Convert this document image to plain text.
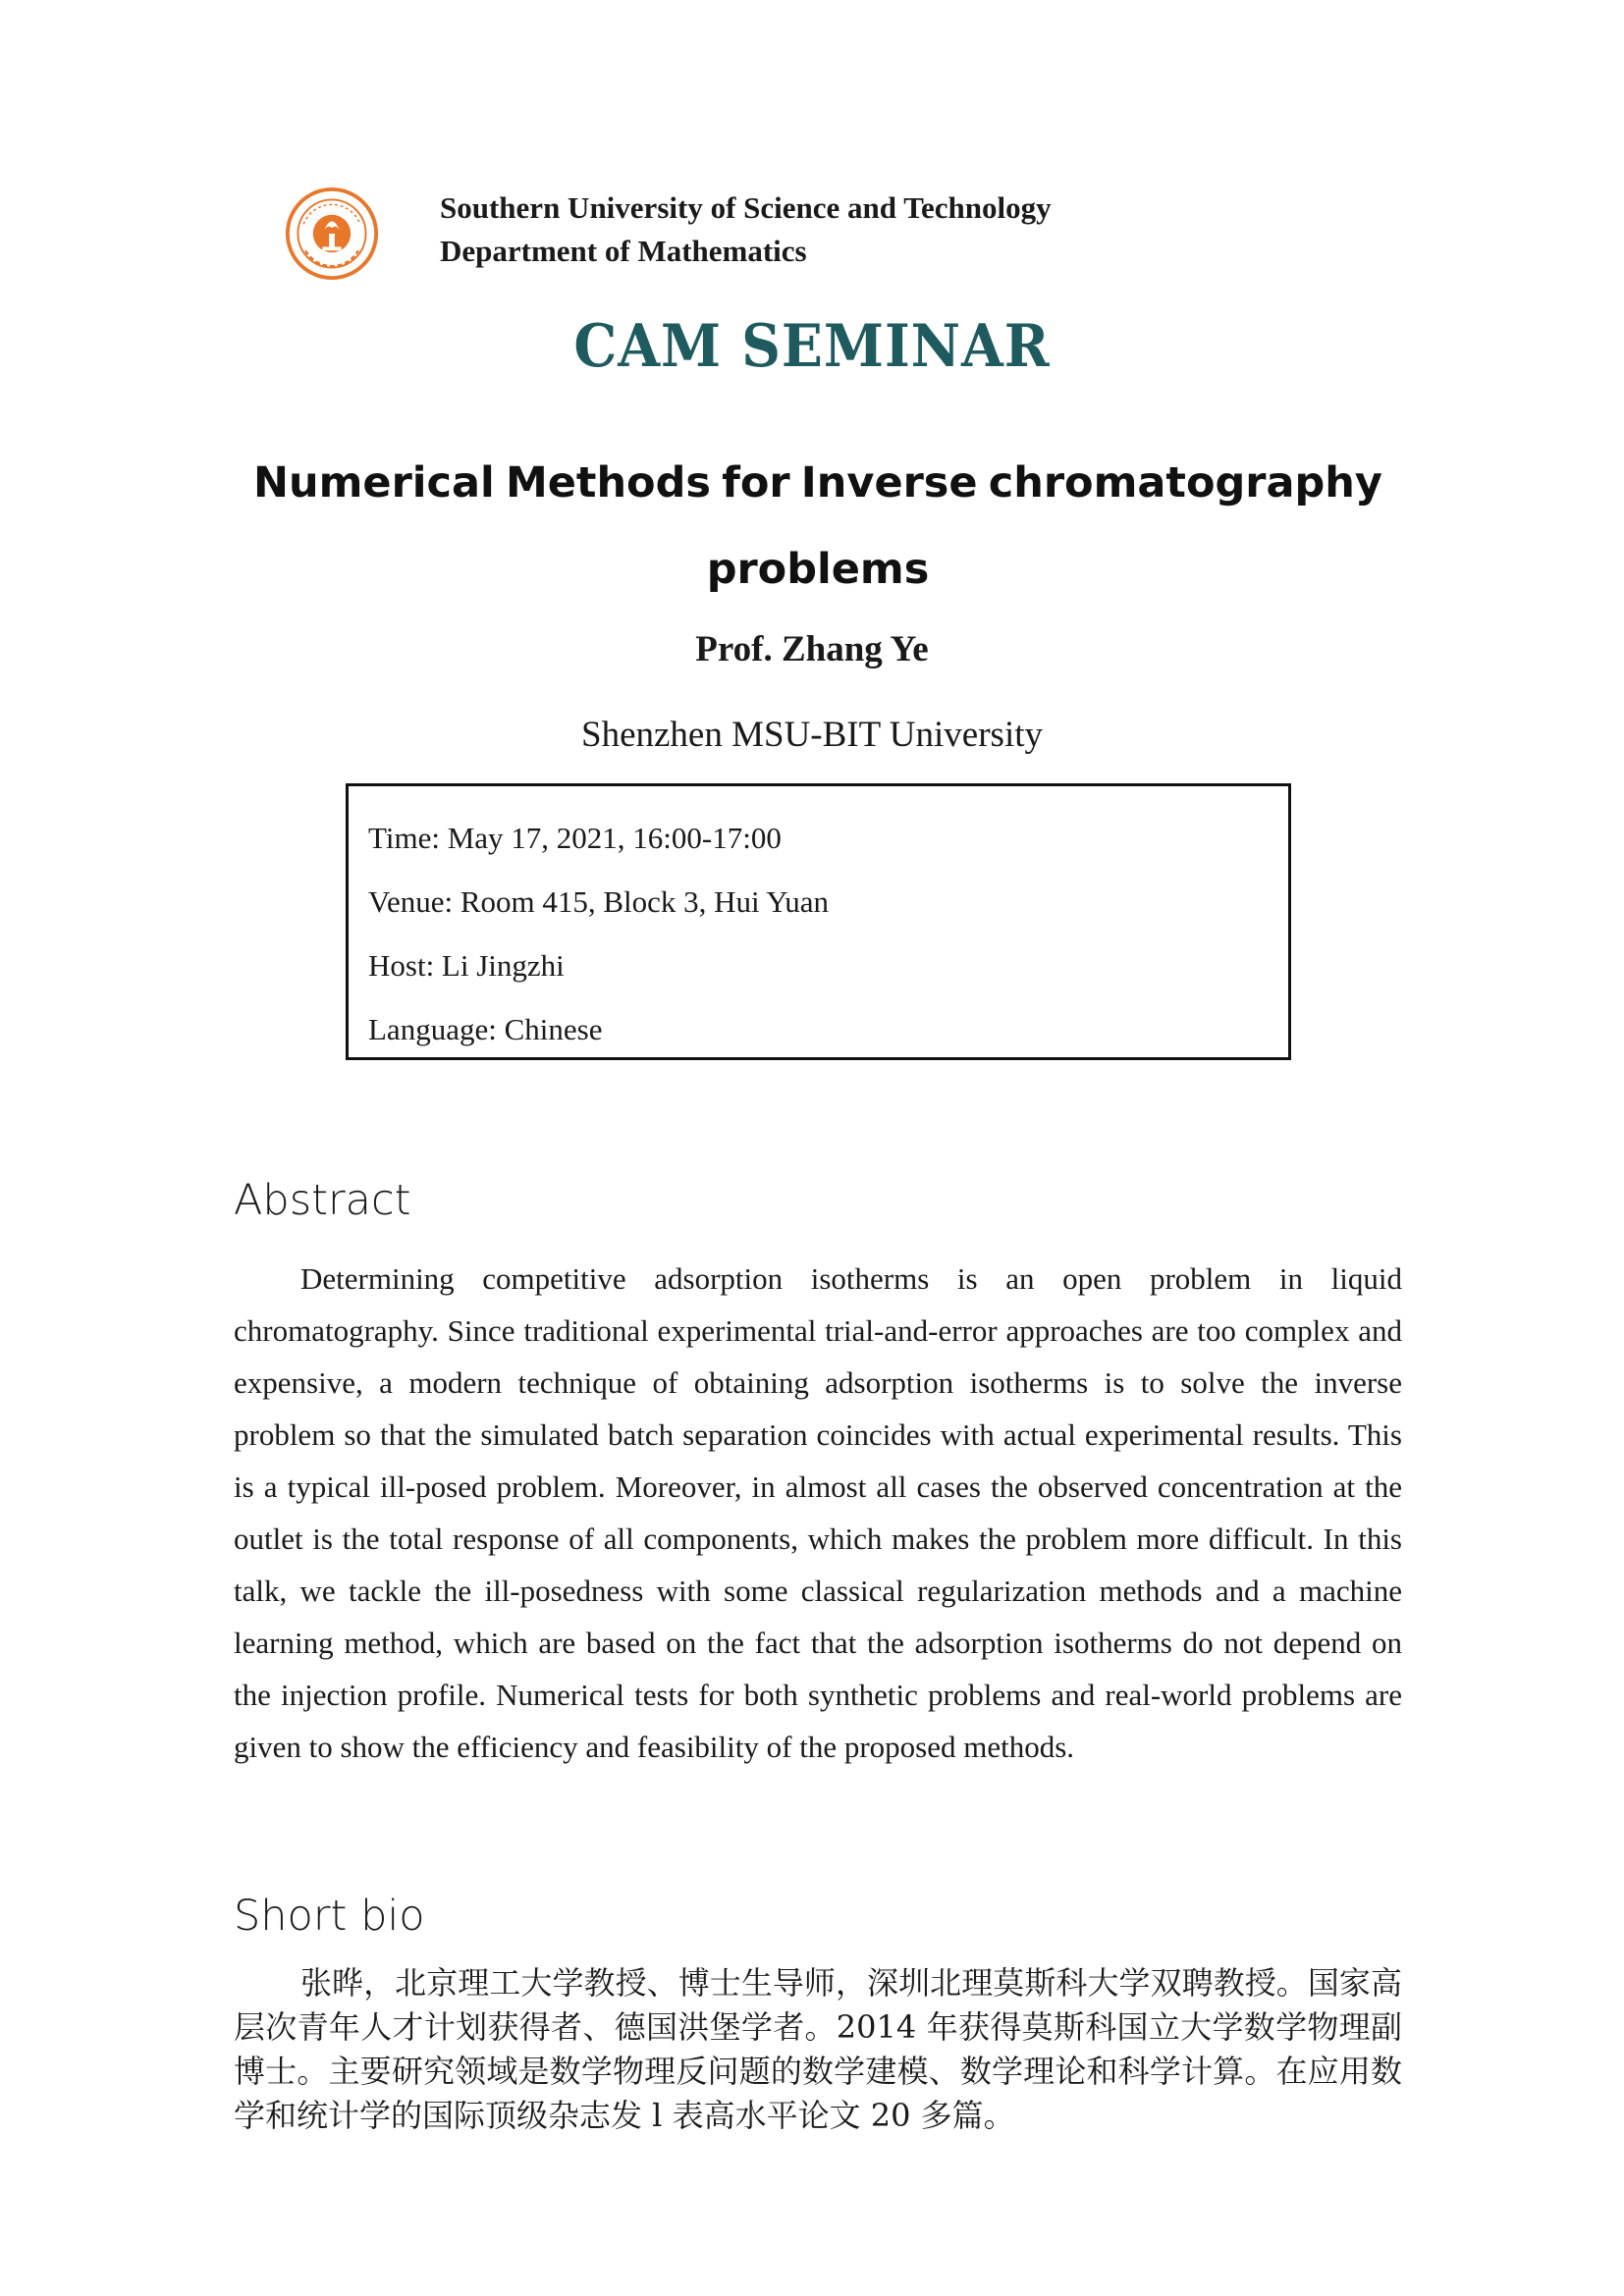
Southern University of Science and Technology
Department of Mathematics
CAM SEMINAR
Numerical Methods for Inverse chromatography
problems
Prof. Zhang Ye
Shenzhen MSU-BIT University
Time: May 17, 2021, 16:00-17:00
Venue: Room 415, Block 3, Hui Yuan
Host: Li Jingzhi
Language: Chinese
Abstract
Determining competitive adsorption isotherms is an open problem in liquid chromatography. Since traditional experimental trial-and-error approaches are too complex and expensive, a modern technique of obtaining adsorption isotherms is to solve the inverse problem so that the simulated batch separation coincides with actual experimental results. This is a typical ill-posed problem. Moreover, in almost all cases the observed concentration at the outlet is the total response of all components, which makes the problem more difficult. In this talk, we tackle the ill-posedness with some classical regularization methods and a machine learning method, which are based on the fact that the adsorption isotherms do not depend on the injection profile. Numerical tests for both synthetic problems and real-world problems are given to show the efficiency and feasibility of the proposed methods.
Short bio
张晔，北京理工大学教授、博士生导师，深圳北理莫斯科大学双聘教授。国家高层次青年人才计划获得者、德国洪堡学者。2014 年获得莫斯科国立大学数学物理副博士。主要研究领域是数学物理反问题的数学建模、数学理论和科学计算。在应用数学和统计学的国际顶级杂志发 l 表高水平论文 20 多篇。
